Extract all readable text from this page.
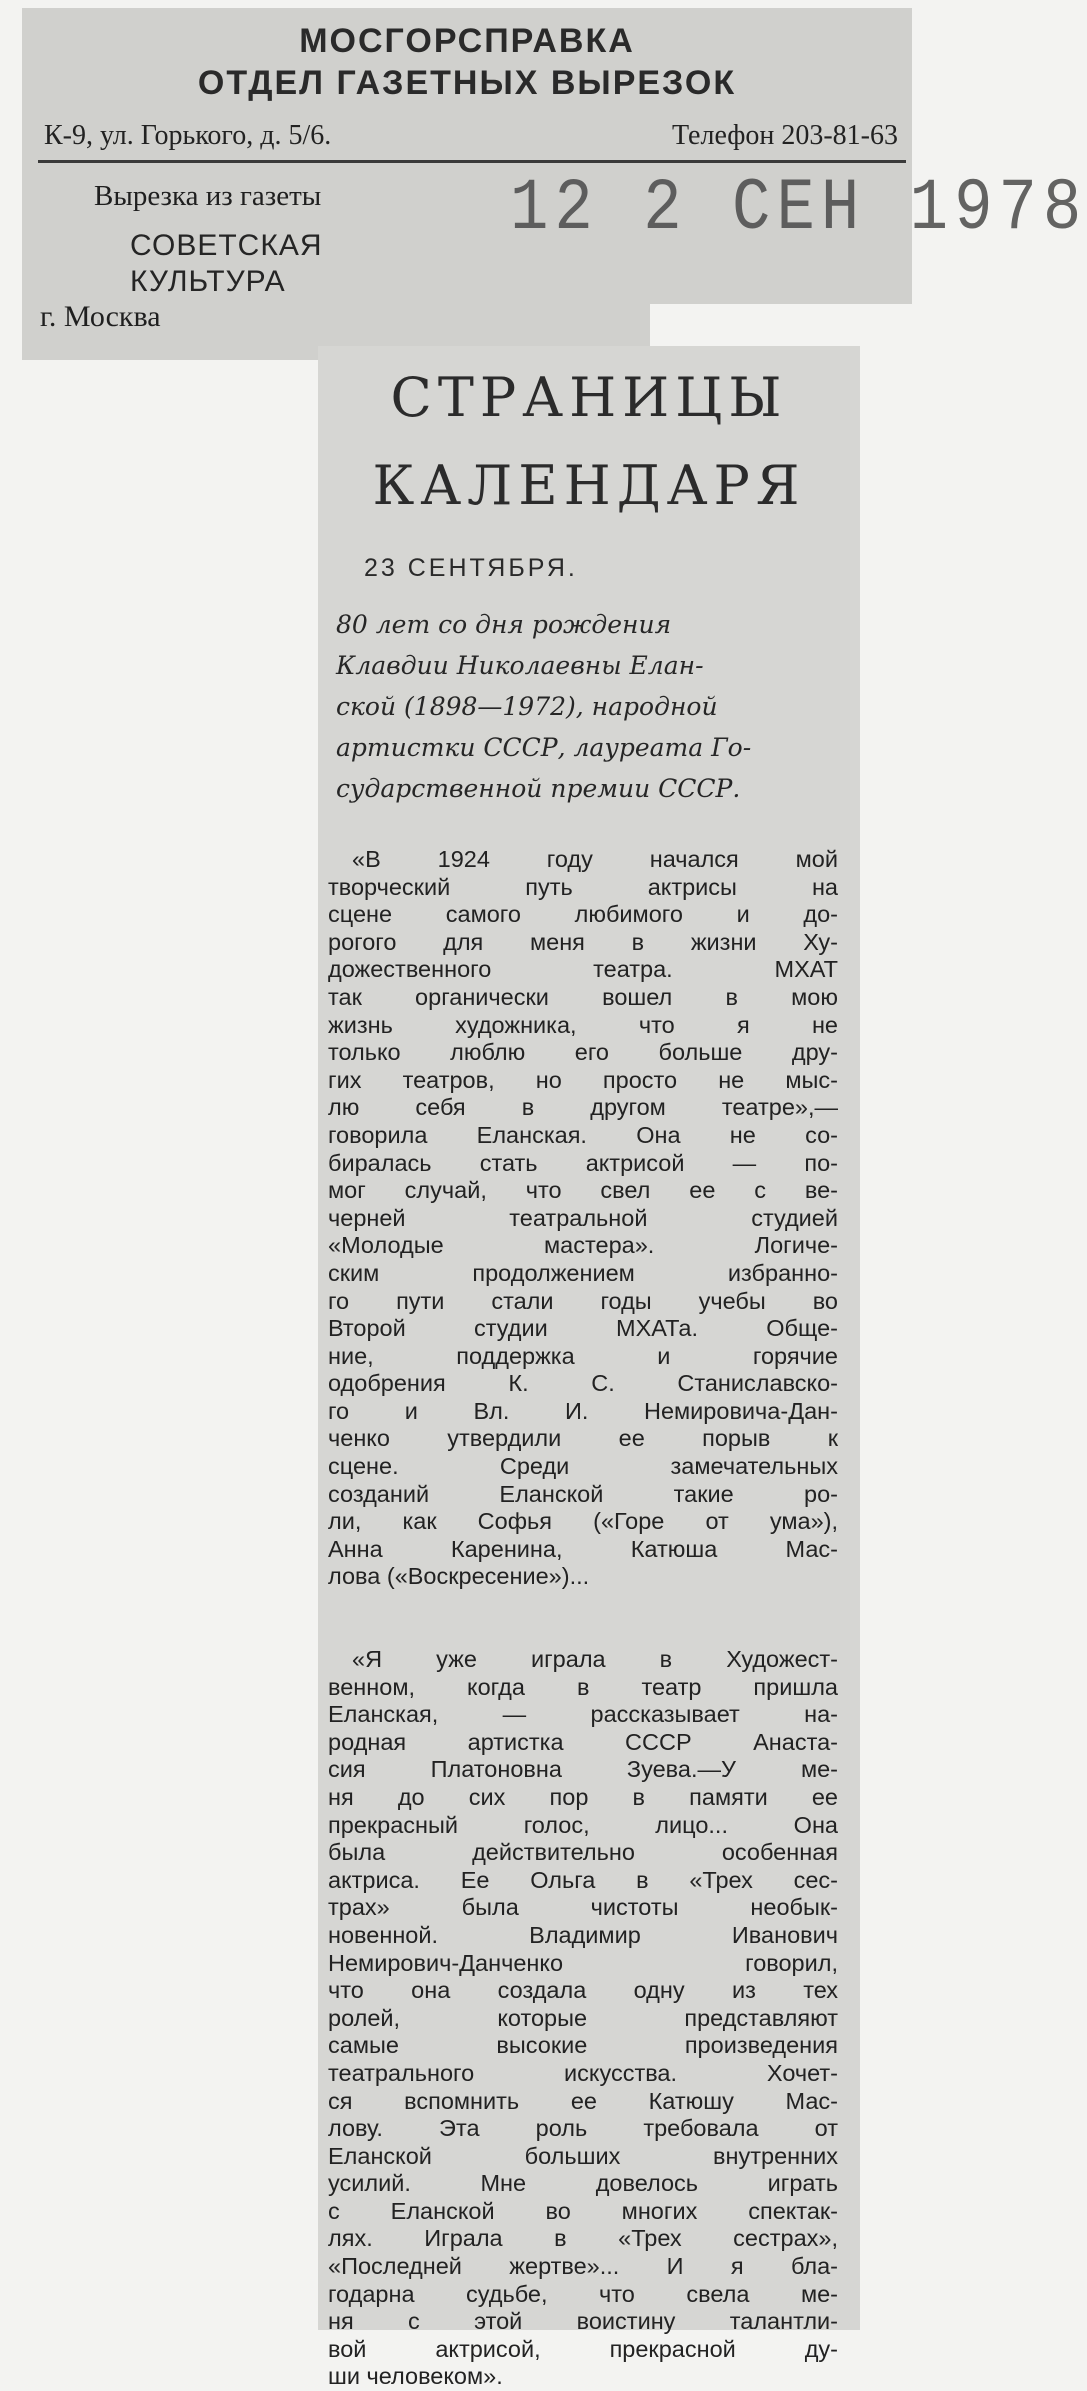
МОСГОРСПРАВКА
ОТДЕЛ ГАЗЕТНЫХ ВЫРЕЗОК
К-9, ул. Горького, д. 5/6.	Телефон 203-81-63
Вырезка из газеты
СОВЕТСКАЯ
КУЛЬТУРА
12 2 СЕН 1978
г. Москва
СТРАНИЦЫ
КАЛЕНДАРЯ
23 СЕНТЯБРЯ.
80 лет со дня рождения
Клавдии Николаевны Елан-
ской (1898—1972), народной
артистки СССР, лауреата Го-
сударственной премии СССР.
«В 1924 году начался мой
творческий путь актрисы на
сцене самого любимого и до-
рогого для меня в жизни Ху-
дожественного театра. МХАТ
так органически вошел в мою
жизнь художника, что я не
только люблю его больше дру-
гих театров, но просто не мыс-
лю себя в другом театре»,—
говорила Еланская. Она не со-
биралась стать актрисой — по-
мог случай, что свел ее с ве-
черней театральной студией
«Молодые мастера». Логиче-
ским продолжением избранно-
го пути стали годы учебы во
Второй студии МХАТа. Обще-
ние, поддержка и горячие
одобрения К. С. Станиславско-
го и Вл. И. Немировича-Дан-
ченко утвердили ее порыв к
сцене. Среди замечательных
созданий Еланской такие ро-
ли, как Софья («Горе от ума»),
Анна Каренина, Катюша Мас-
лова («Воскресение»)...
«Я уже играла в Художест-
венном, когда в театр пришла
Еланская, — рассказывает на-
родная артистка СССР Анаста-
сия Платоновна Зуева.—У ме-
ня до сих пор в памяти ее
прекрасный голос, лицо... Она
была действительно особенная
актриса. Ее Ольга в «Трех сес-
трах» была чистоты необык-
новенной. Владимир Иванович
Немирович-Данченко говорил,
что она создала одну из тех
ролей, которые представляют
самые высокие произведения
театрального искусства. Хочет-
ся вспомнить ее Катюшу Мас-
лову. Эта роль требовала от
Еланской больших внутренних
усилий. Мне довелось играть
с Еланской во многих спектак-
лях. Играла в «Трех сестрах»,
«Последней жертве»... И я бла-
годарна судьбе, что свела ме-
ня с этой воистину талантли-
вой актрисой, прекрасной ду-
ши человеком».
